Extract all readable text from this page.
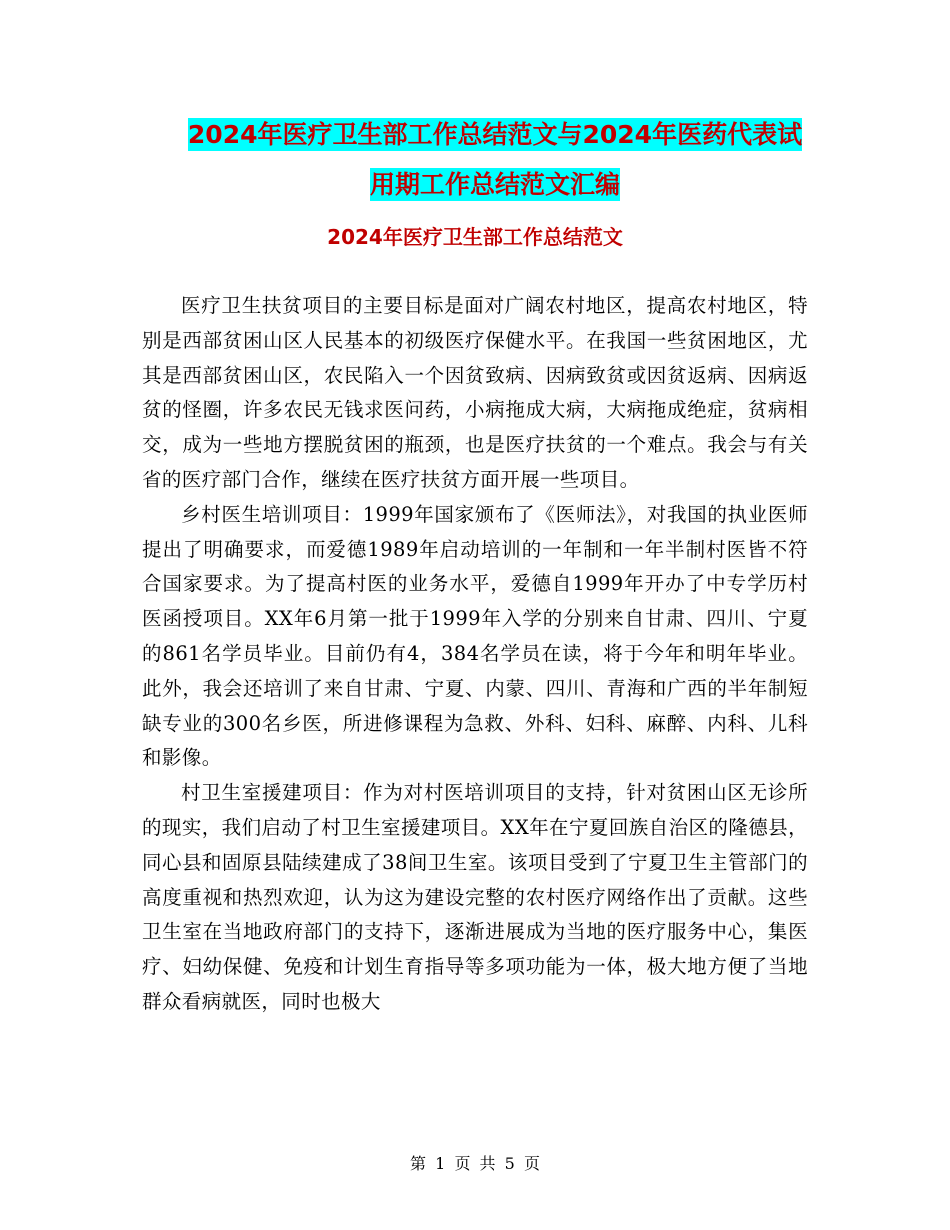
2024年医疗卫生部工作总结范文与2024年医药代表试
用期工作总结范文汇编
2024年医疗卫生部工作总结范文

医疗卫生扶贫项目的主要目标是面对广阔农村地区，提高农村地区，特别是西部贫困山区人民基本的初级医疗保健水平。在我国一些贫困地区，尤其是西部贫困山区，农民陷入一个因贫致病、因病致贫或因贫返病、因病返贫的怪圈，许多农民无钱求医问药，小病拖成大病，大病拖成绝症，贫病相交，成为一些地方摆脱贫困的瓶颈，也是医疗扶贫的一个难点。我会与有关省的医疗部门合作，继续在医疗扶贫方面开展一些项目。

乡村医生培训项目：1999年国家颁布了《医师法》，对我国的执业医师提出了明确要求，而爱德1989年启动培训的一年制和一年半制村医皆不符合国家要求。为了提高村医的业务水平，爱德自1999年开办了中专学历村医函授项目。XX年6月第一批于1999年入学的分别来自甘肃、四川、宁夏的861名学员毕业。目前仍有4，384名学员在读，将于今年和明年毕业。此外，我会还培训了来自甘肃、宁夏、内蒙、四川、青海和广西的半年制短缺专业的300名乡医，所进修课程为急救、外科、妇科、麻醉、内科、儿科和影像。

村卫生室援建项目：作为对村医培训项目的支持，针对贫困山区无诊所的现实，我们启动了村卫生室援建项目。XX年在宁夏回族自治区的隆德县，同心县和固原县陆续建成了38间卫生室。该项目受到了宁夏卫生主管部门的高度重视和热烈欢迎，认为这为建设完整的农村医疗网络作出了贡献。这些卫生室在当地政府部门的支持下，逐渐进展成为当地的医疗服务中心，集医疗、妇幼保健、免疫和计划生育指导等多项功能为一体，极大地方便了当地群众看病就医，同时也极大

第 1 页 共 5 页
